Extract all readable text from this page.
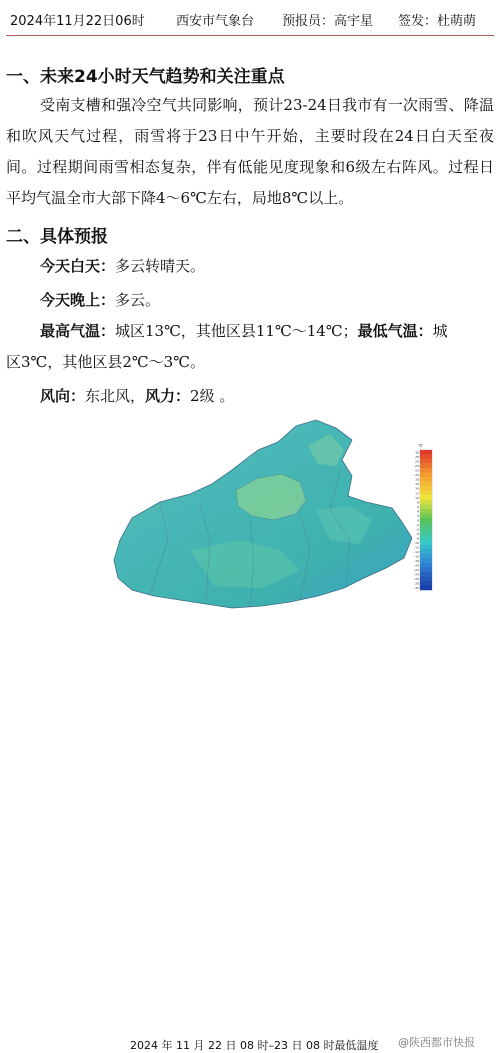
2024年11月22日06时 西安市气象台 预报员：高宇星 签发：杜萌萌
一、未来24小时天气趋势和关注重点
受南支槽和强冷空气共同影响，预计23-24日我市有一次雨雪、降温和吹风天气过程，雨雪将于23日中午开始，主要时段在24日白天至夜间。过程期间雨雪相态复杂，伴有低能见度现象和6级左右阵风。过程日平均气温全市大部下降4～6℃左右，局地8℃以上。
二、具体预报
今天白天：多云转晴天。
今天晚上：多云。
最高气温：城区13℃，其他区县11℃～14℃；最低气温：城
区3℃，其他区县2℃～3℃。
风向：东北风，风力：2级 。
30
28
26
24
22
20
18
16
14
12
10
8
6
4
2
0
-2
-4
-6
-8
-10
-12
-14
-16
-18
-20
-22
-24
-26
-28
-30
℃
2024 年 11 月 22 日 08 时–23 日 08 时最低温度 @陕西都市快报
